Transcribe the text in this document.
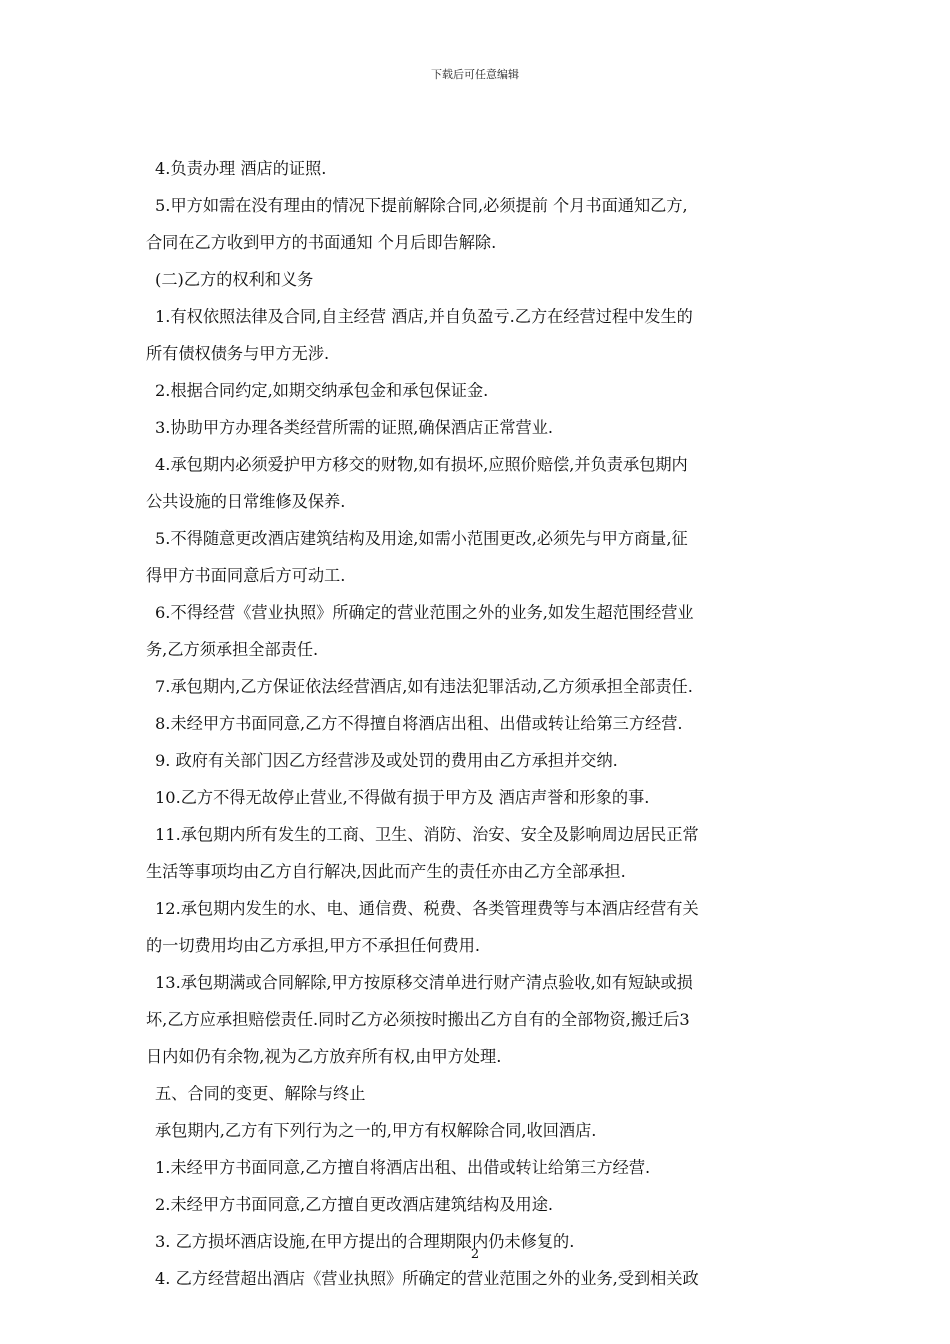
下载后可任意编辑

4.负责办理 酒店的证照.

5.甲方如需在没有理由的情况下提前解除合同,必须提前 个月书面通知乙方,

合同在乙方收到甲方的书面通知 个月后即告解除.

(二)乙方的权利和义务

1.有权依照法律及合同,自主经营 酒店,并自负盈亏.乙方在经营过程中发生的

所有债权债务与甲方无涉.

2.根据合同约定,如期交纳承包金和承包保证金.

3.协助甲方办理各类经营所需的证照,确保酒店正常营业.

4.承包期内必须爱护甲方移交的财物,如有损坏,应照价赔偿,并负责承包期内

公共设施的日常维修及保养.

5.不得随意更改酒店建筑结构及用途,如需小范围更改,必须先与甲方商量,征

得甲方书面同意后方可动工.

6.不得经营《营业执照》所确定的营业范围之外的业务,如发生超范围经营业

务,乙方须承担全部责任.

7.承包期内,乙方保证依法经营酒店,如有违法犯罪活动,乙方须承担全部责任.

8.未经甲方书面同意,乙方不得擅自将酒店出租、出借或转让给第三方经营.

9. 政府有关部门因乙方经营涉及或处罚的费用由乙方承担并交纳.

10.乙方不得无故停止营业,不得做有损于甲方及 酒店声誉和形象的事.

11.承包期内所有发生的工商、卫生、消防、治安、安全及影响周边居民正常

生活等事项均由乙方自行解决,因此而产生的责任亦由乙方全部承担.

12.承包期内发生的水、电、通信费、税费、各类管理费等与本酒店经营有关

的一切费用均由乙方承担,甲方不承担任何费用.

13.承包期满或合同解除,甲方按原移交清单进行财产清点验收,如有短缺或损

坏,乙方应承担赔偿责任.同时乙方必须按时搬出乙方自有的全部物资,搬迁后3

日内如仍有余物,视为乙方放弃所有权,由甲方处理.

五、合同的变更、解除与终止

承包期内,乙方有下列行为之一的,甲方有权解除合同,收回酒店.

1.未经甲方书面同意,乙方擅自将酒店出租、出借或转让给第三方经营.

2.未经甲方书面同意,乙方擅自更改酒店建筑结构及用途.

3. 乙方损坏酒店设施,在甲方提出的合理期限内仍未修复的.

4. 乙方经营超出酒店《营业执照》所确定的营业范围之外的业务,受到相关政

2
